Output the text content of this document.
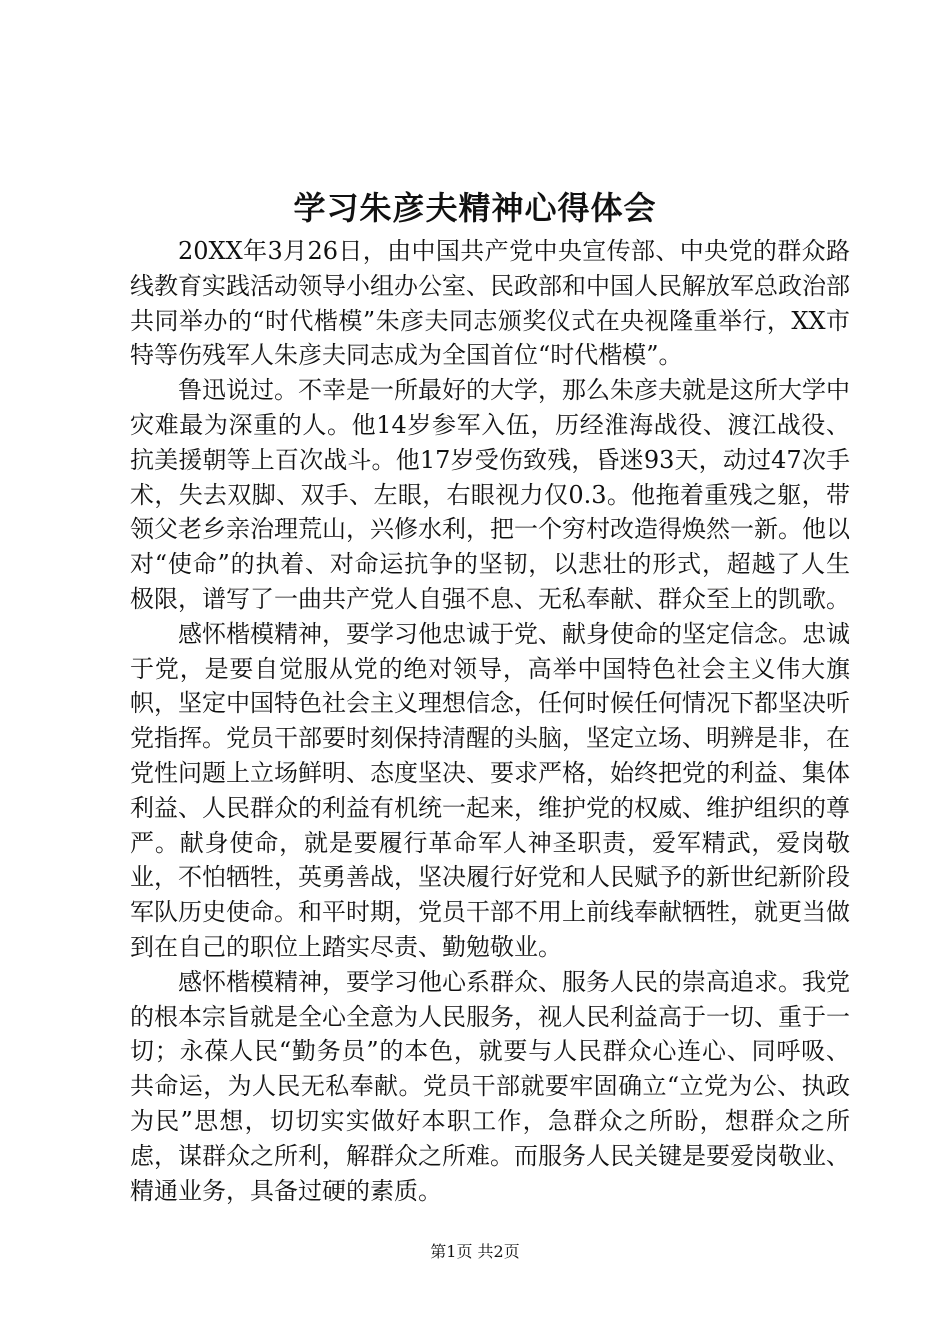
学习朱彦夫精神心得体会

20XX年3月26日，由中国共产党中央宣传部、中央党的群众路线教育实践活动领导小组办公室、民政部和中国人民解放军总政治部共同举办的“时代楷模”朱彦夫同志颁奖仪式在央视隆重举行，XX市特等伤残军人朱彦夫同志成为全国首位“时代楷模”。

鲁迅说过。不幸是一所最好的大学，那么朱彦夫就是这所大学中灾难最为深重的人。他14岁参军入伍，历经淮海战役、渡江战役、抗美援朝等上百次战斗。他17岁受伤致残，昏迷93天，动过47次手术，失去双脚、双手、左眼，右眼视力仅0.3。他拖着重残之躯，带领父老乡亲治理荒山，兴修水利，把一个穷村改造得焕然一新。他以对“使命”的执着、对命运抗争的坚韧，以悲壮的形式，超越了人生极限，谱写了一曲共产党人自强不息、无私奉献、群众至上的凯歌。

感怀楷模精神，要学习他忠诚于党、献身使命的坚定信念。忠诚于党，是要自觉服从党的绝对领导，高举中国特色社会主义伟大旗帜，坚定中国特色社会主义理想信念，任何时候任何情况下都坚决听党指挥。党员干部要时刻保持清醒的头脑，坚定立场、明辨是非，在党性问题上立场鲜明、态度坚决、要求严格，始终把党的利益、集体利益、人民群众的利益有机统一起来，维护党的权威、维护组织的尊严。献身使命，就是要履行革命军人神圣职责，爱军精武，爱岗敬业，不怕牺牲，英勇善战，坚决履行好党和人民赋予的新世纪新阶段军队历史使命。和平时期，党员干部不用上前线奉献牺牲，就更当做到在自己的职位上踏实尽责、勤勉敬业。

感怀楷模精神，要学习他心系群众、服务人民的崇高追求。我党的根本宗旨就是全心全意为人民服务，视人民利益高于一切、重于一切；永葆人民“勤务员”的本色，就要与人民群众心连心、同呼吸、共命运，为人民无私奉献。党员干部就要牢固确立“立党为公、执政为民”思想，切切实实做好本职工作，急群众之所盼，想群众之所虑，谋群众之所利，解群众之所难。而服务人民关键是要爱岗敬业、精通业务，具备过硬的素质。

第1页 共2页
